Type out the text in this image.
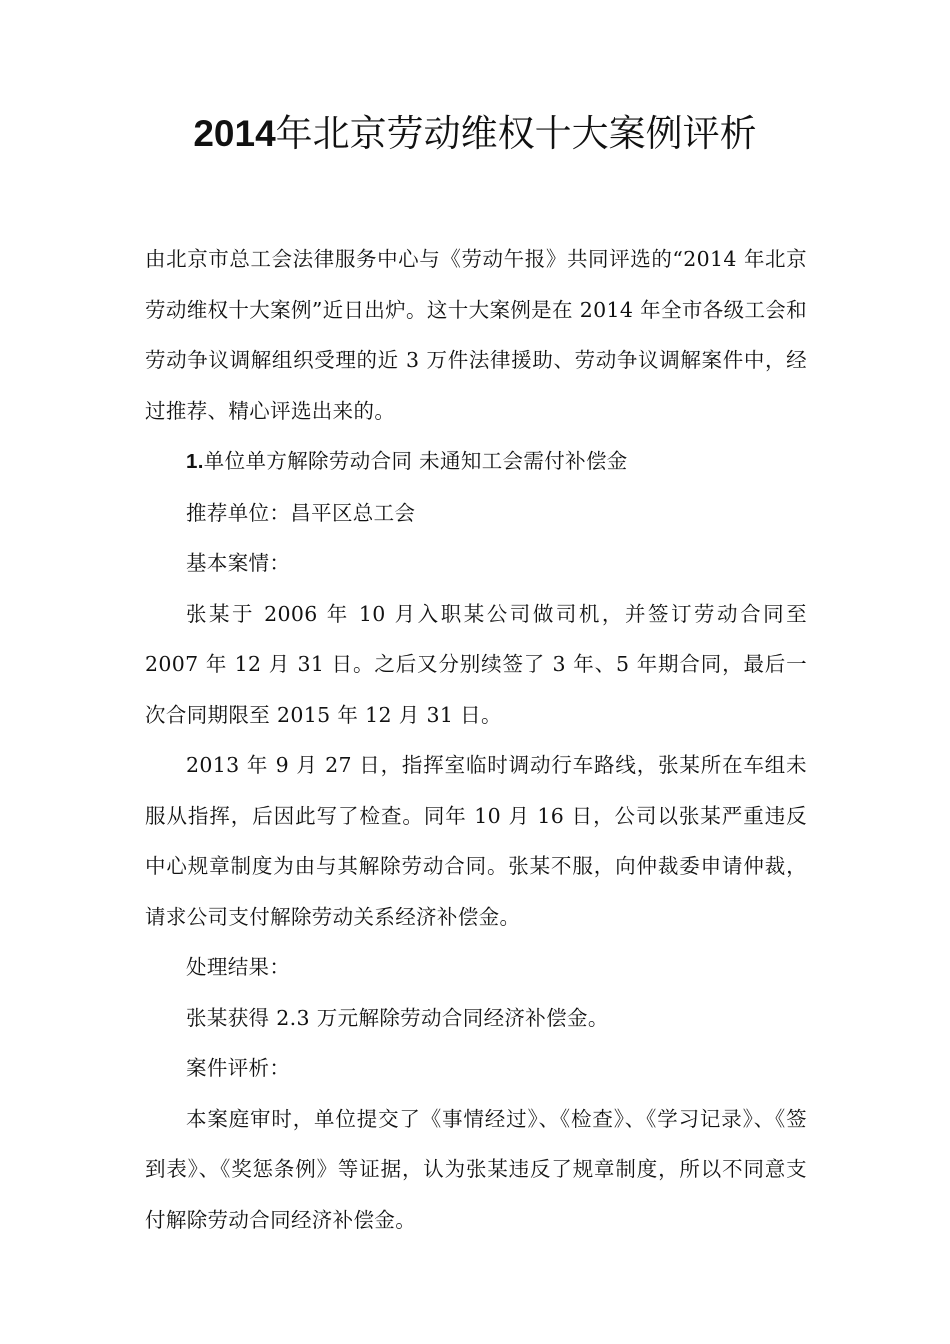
2014年北京劳动维权十大案例评析

由北京市总工会法律服务中心与《劳动午报》共同评选的“2014 年北京劳动维权十大案例”近日出炉。这十大案例是在 2014 年全市各级工会和劳动争议调解组织受理的近 3 万件法律援助、劳动争议调解案件中，经过推荐、精心评选出来的。

1.单位单方解除劳动合同 未通知工会需付补偿金

推荐单位：昌平区总工会

基本案情：

张某于 2006 年 10 月入职某公司做司机，并签订劳动合同至 2007 年 12 月 31 日。之后又分别续签了 3 年、5 年期合同，最后一次合同期限至 2015 年 12 月 31 日。

2013 年 9 月 27 日，指挥室临时调动行车路线，张某所在车组未服从指挥，后因此写了检查。同年 10 月 16 日，公司以张某严重违反中心规章制度为由与其解除劳动合同。张某不服，向仲裁委申请仲裁，请求公司支付解除劳动关系经济补偿金。

处理结果：

张某获得 2.3 万元解除劳动合同经济补偿金。

案件评析：

本案庭审时，单位提交了《事情经过》、《检查》、《学习记录》、《签到表》、《奖惩条例》等证据，认为张某违反了规章制度，所以不同意支付解除劳动合同经济补偿金。
